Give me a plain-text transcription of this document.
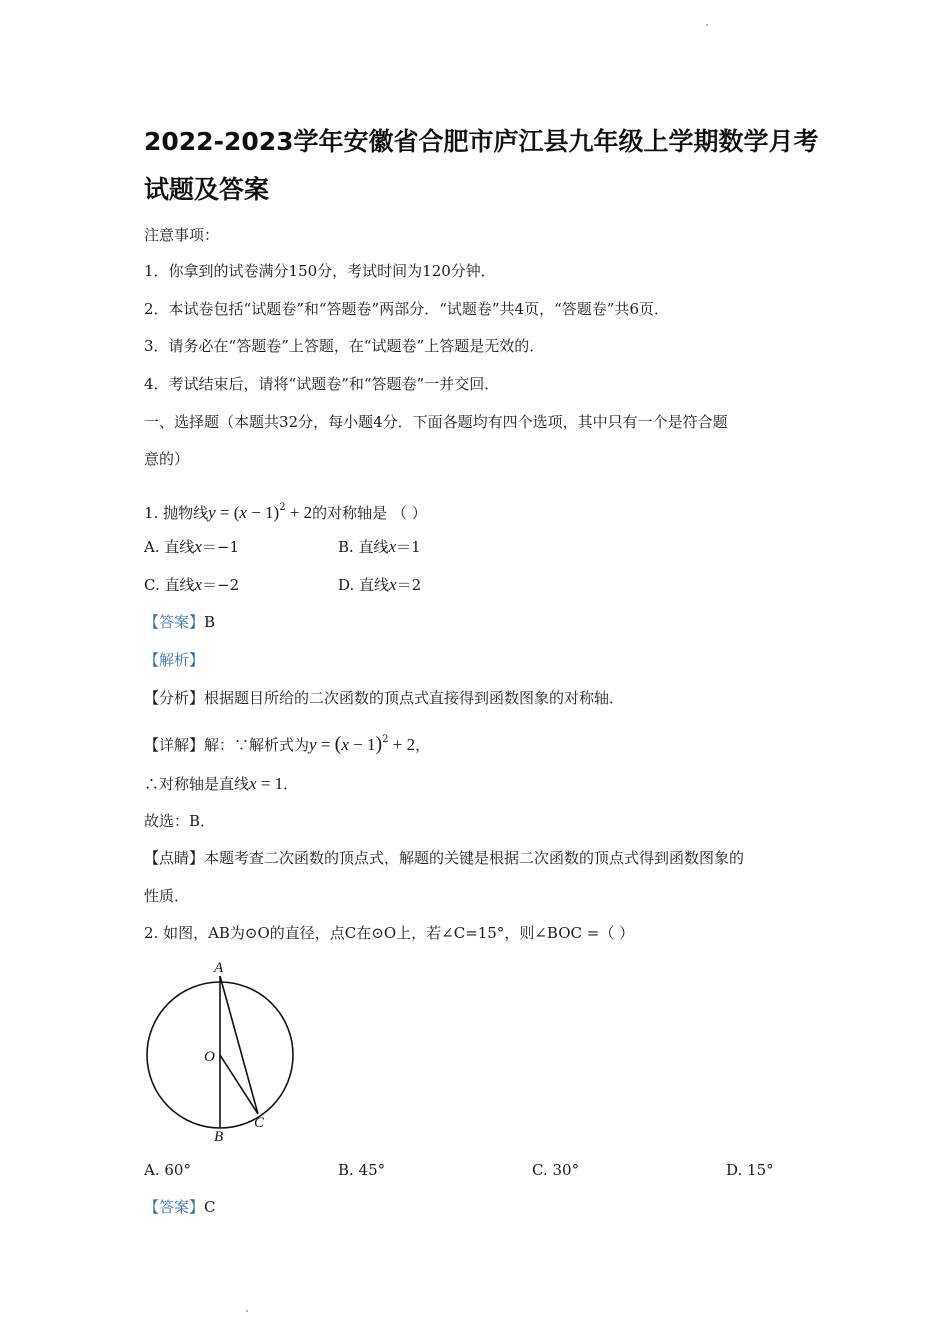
2022-2023学年安徽省合肥市庐江县九年级上学期数学月考
试题及答案
注意事项：
1．你拿到的试卷满分150分，考试时间为120分钟．
2．本试卷包括“试题卷”和“答题卷”两部分．“试题卷”共4页，“答题卷”共6页．
3．请务必在“答题卷”上答题，在“试题卷”上答题是无效的．
4．考试结束后，请将“试题卷”和“答题卷”一并交回．
一、选择题（本题共32分，每小题4分．下面各题均有四个选项，其中只有一个是符合题
意的）
1. 抛物线$y = (x - 1)^2 + 2$的对称轴是 （ ）
A. 直线x＝−1	B. 直线x＝1
C. 直线x＝−2	D. 直线x＝2
【答案】B
【解析】
【分析】根据题目所给的二次函数的顶点式直接得到函数图象的对称轴．
【详解】解：∵解析式为$y = (x - 1)^2 + 2$，
∴对称轴是直线x = 1．
故选：B．
【点睛】本题考查二次函数的顶点式，解题的关键是根据二次函数的顶点式得到函数图象的
性质．
2. 如图，AB为⊙O的直径，点C在⊙O上，若∠C=15°，则∠BOC =（ ）
A
O
B
C
A. 60°	B. 45°	C. 30°	D. 15°
【答案】C
